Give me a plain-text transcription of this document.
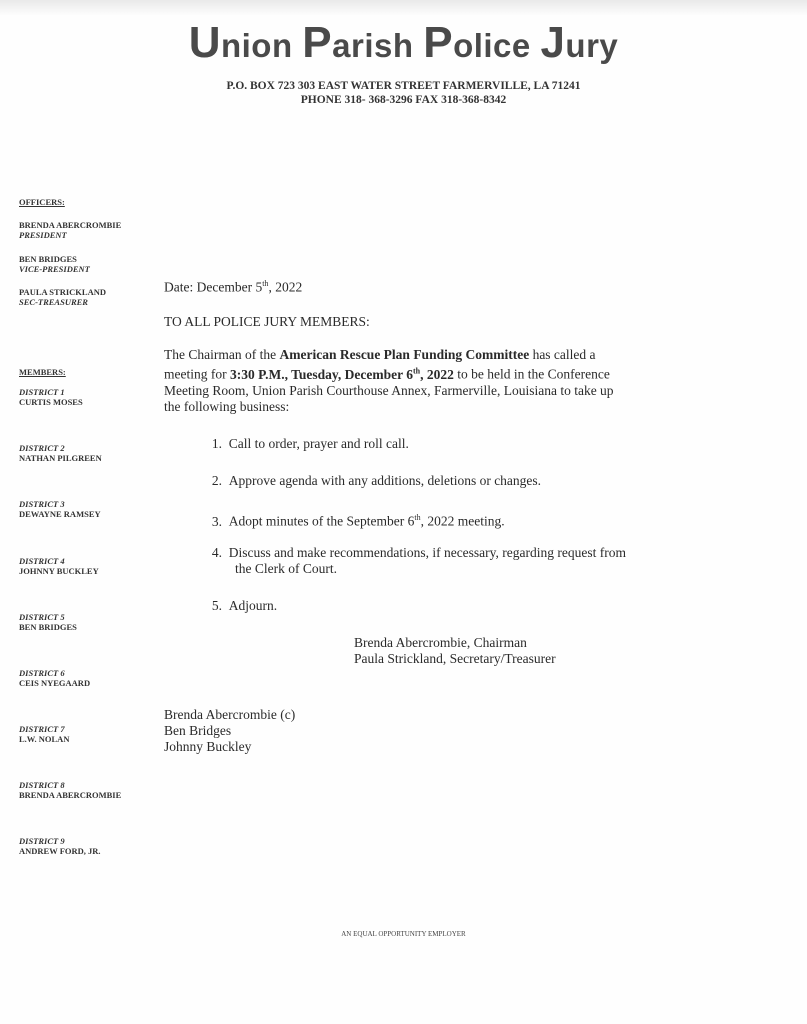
Union Parish Police Jury
P.O. BOX 723 303 EAST WATER STREET FARMERVILLE, LA 71241
PHONE 318- 368-3296 FAX 318-368-8342
OFFICERS:
BRENDA ABERCROMBIE
PRESIDENT
BEN BRIDGES
VICE-PRESIDENT
PAULA STRICKLAND
SEC-TREASURER
MEMBERS:
DISTRICT 1
CURTIS MOSES
DISTRICT 2
NATHAN PILGREEN
DISTRICT 3
DEWAYNE RAMSEY
DISTRICT 4
JOHNNY BUCKLEY
DISTRICT 5
BEN BRIDGES
DISTRICT 6
CEIS NYEGAARD
DISTRICT 7
L.W. NOLAN
DISTRICT 8
BRENDA ABERCROMBIE
DISTRICT 9
ANDREW FORD, JR.
Date: December 5th, 2022
TO ALL POLICE JURY MEMBERS:
The Chairman of the American Rescue Plan Funding Committee has called a
meeting for 3:30 P.M., Tuesday, December 6th, 2022 to be held in the Conference
Meeting Room, Union Parish Courthouse Annex, Farmerville, Louisiana to take up
the following business:
1. Call to order, prayer and roll call.
2. Approve agenda with any additions, deletions or changes.
3. Adopt minutes of the September 6th, 2022 meeting.
4. Discuss and make recommendations, if necessary, regarding request from
the Clerk of Court.
5. Adjourn.
Brenda Abercrombie, Chairman
Paula Strickland, Secretary/Treasurer
Brenda Abercrombie (c)
Ben Bridges
Johnny Buckley
AN EQUAL OPPORTUNITY EMPLOYER
